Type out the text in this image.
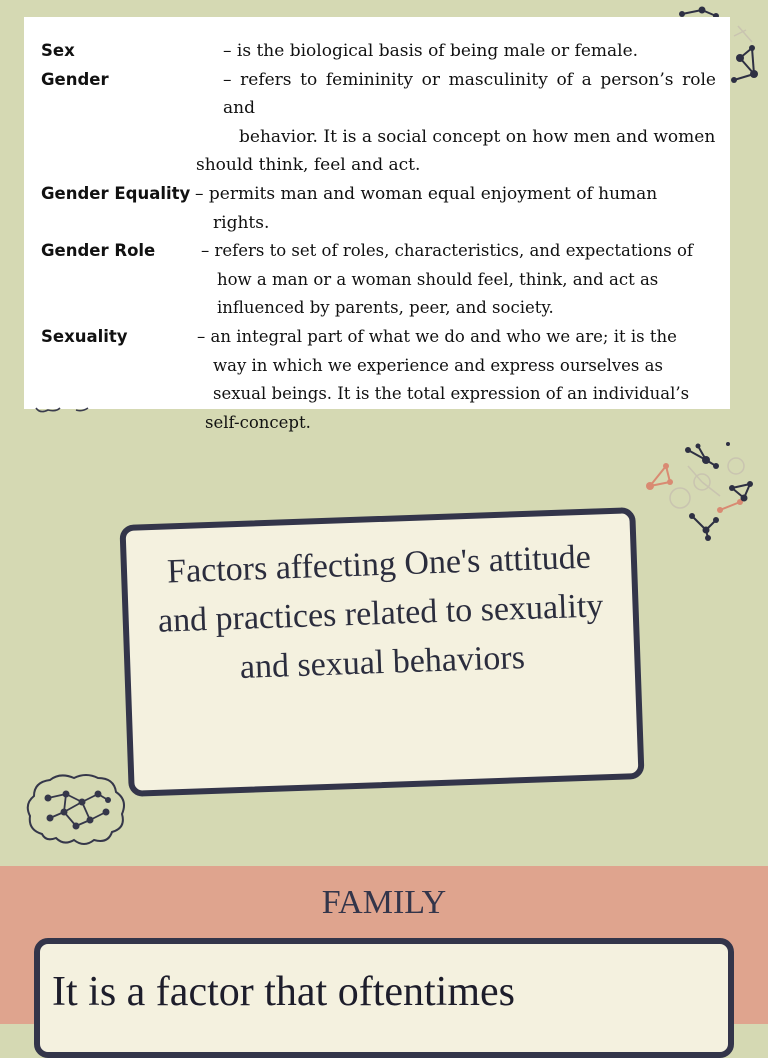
Sex	– is the biological basis of being male or female.
Gender	– refers to femininity or masculinity of a person’s role and
behavior. It is a social concept on how men and women
should think, feel and act.
Gender Equality – permits man and woman equal enjoyment of human
rights.
Gender Role	– refers to set of roles, characteristics, and expectations of
how a man or a woman should feel, think, and act as
influenced by parents, peer, and society.
Sexuality	– an integral part of what we do and who we are; it is the
way in which we experience and express ourselves as
sexual beings. It is the total expression of an individual’s
self-concept.
Factors affecting One's attitude and practices related to sexuality and sexual behaviors
FAMILY
It is a factor that oftentimes
